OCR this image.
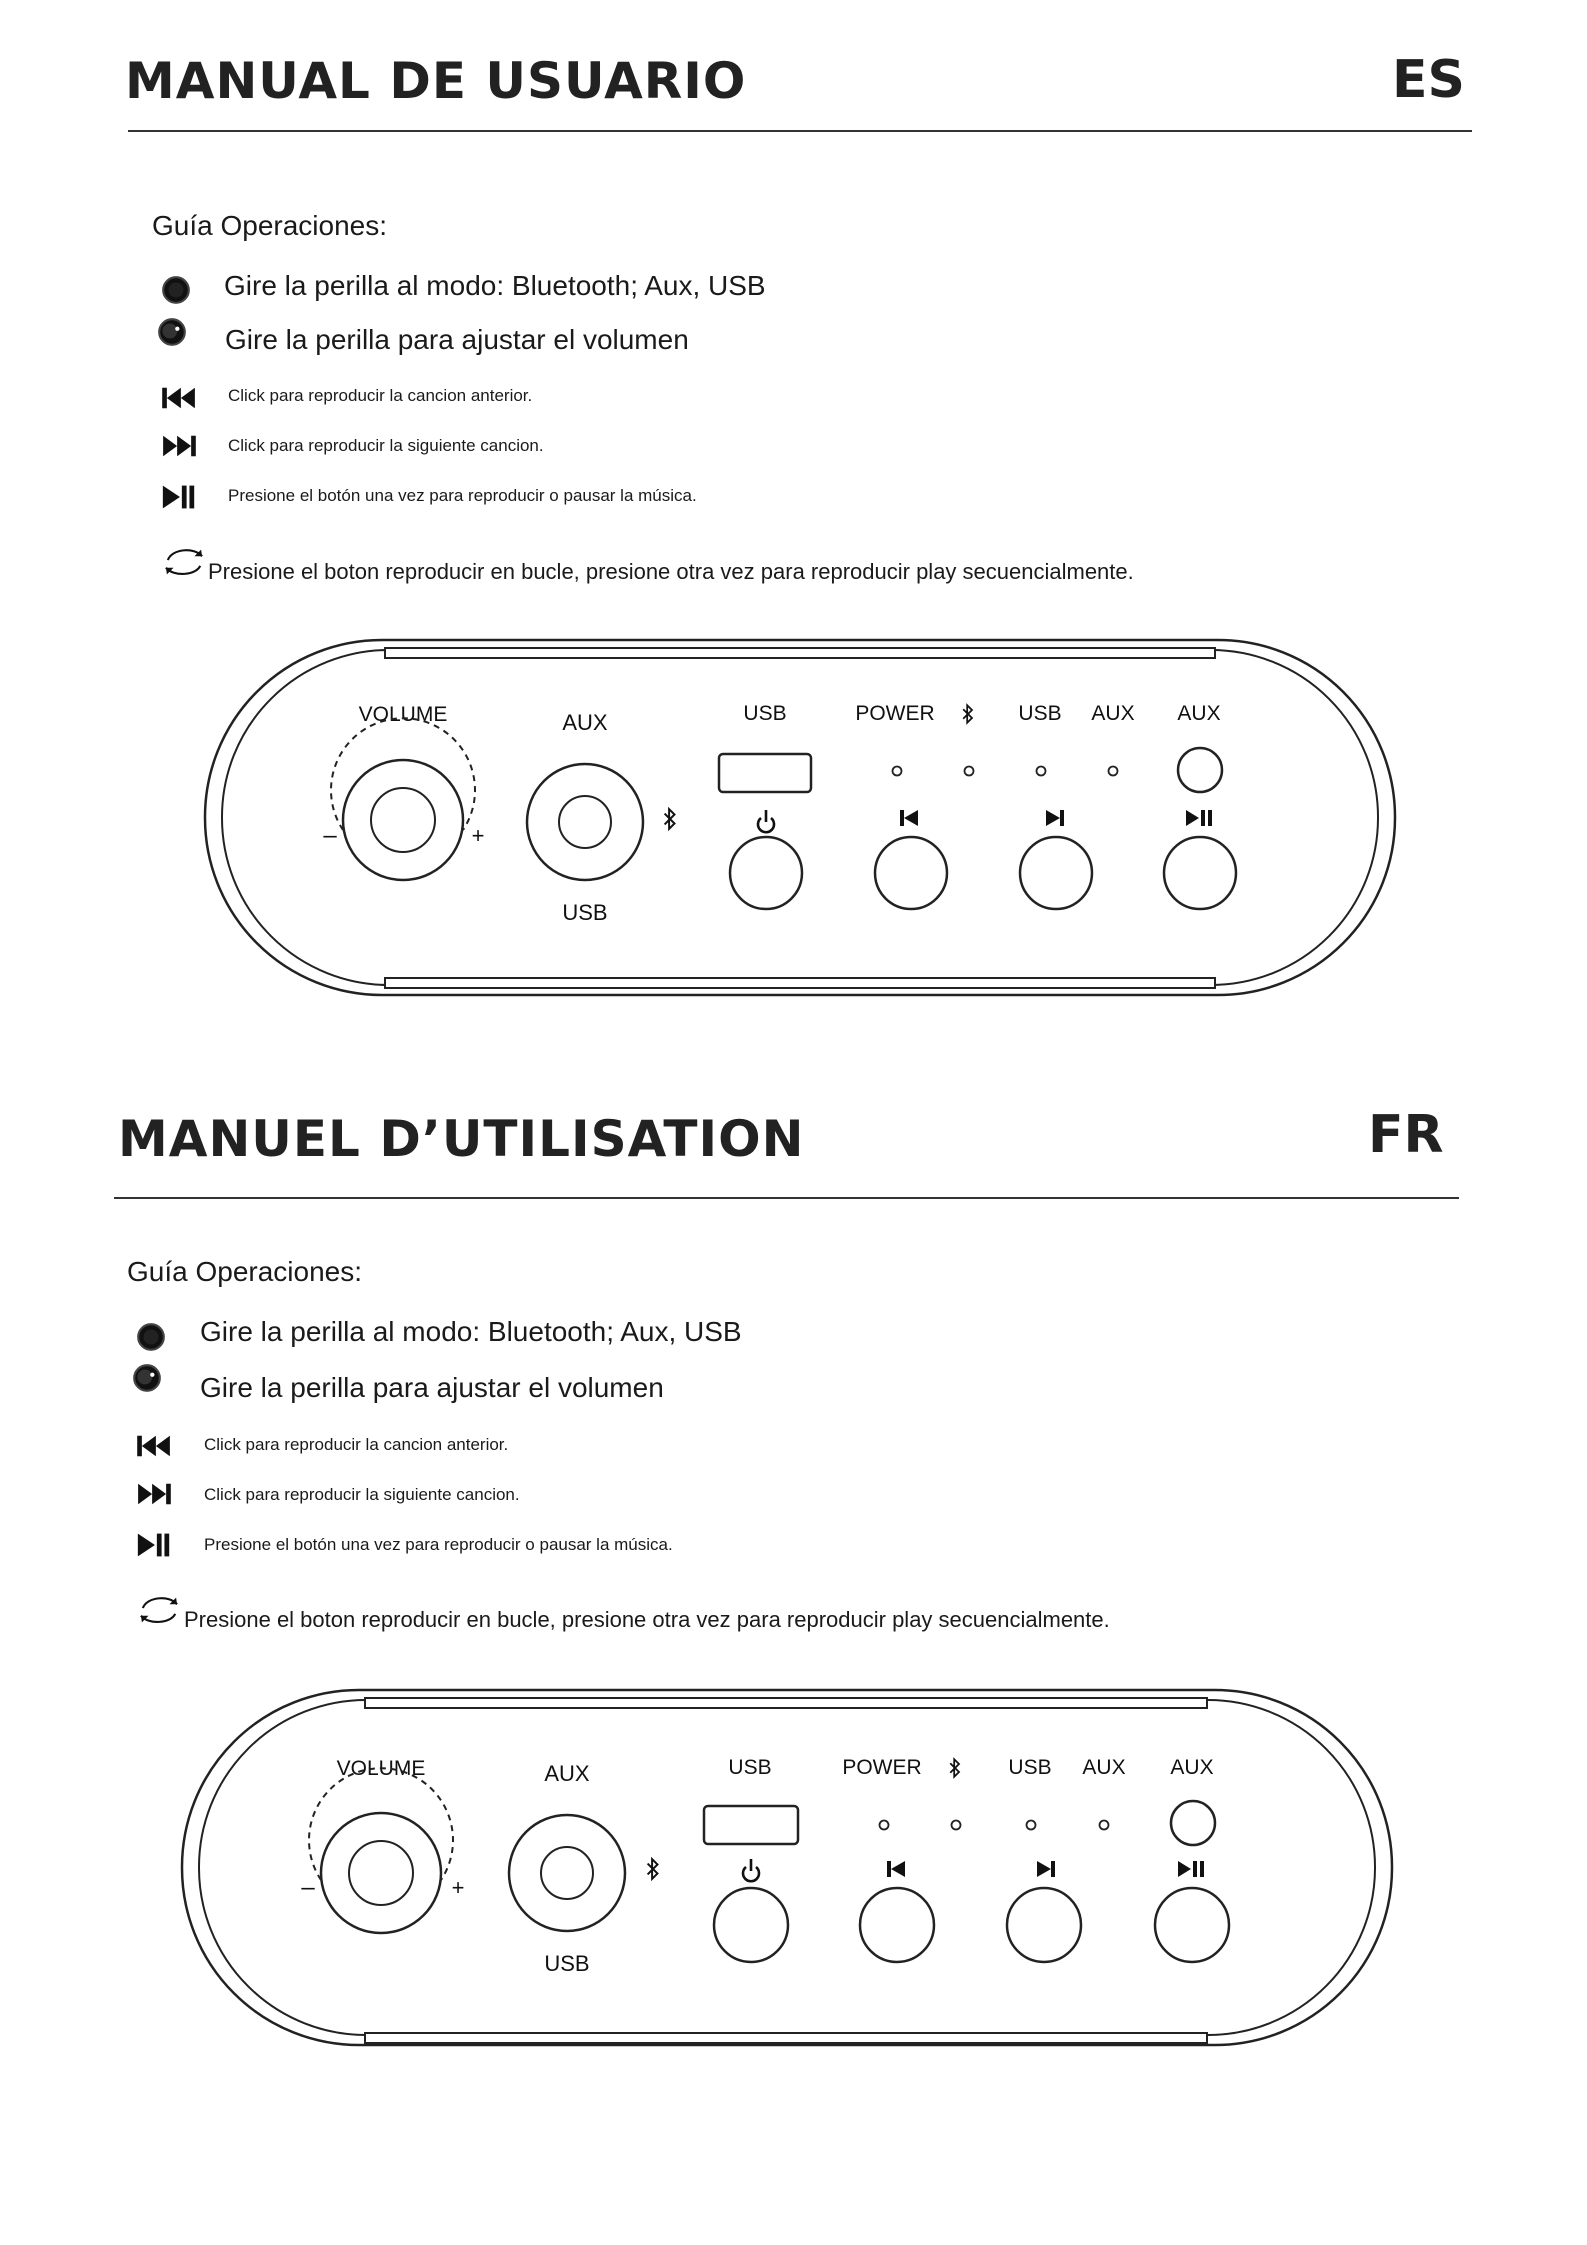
MANUAL DE USUARIO	ES
Guía Operaciones:
Gire la perilla al modo: Bluetooth; Aux, USB
Gire la perilla para ajustar el volumen
Click para reproducir la cancion anterior.
Click para reproducir la siguiente cancion.
Presione el botón una vez para reproducir o pausar la música.
Presione el boton reproducir en bucle, presione otra vez para reproducir play secuencialmente.
VOLUME
–	+
AUX
USB
USB	POWER	USB AUX AUX
MANUEL D’UTILISATION	FR
Guía Operaciones:
Gire la perilla al modo: Bluetooth; Aux, USB
Gire la perilla para ajustar el volumen
Click para reproducir la cancion anterior.
Click para reproducir la siguiente cancion.
Presione el botón una vez para reproducir o pausar la música.
Presione el boton reproducir en bucle, presione otra vez para reproducir play secuencialmente.
VOLUME
–	+
AUX
USB
USB	POWER	USB AUX AUX
